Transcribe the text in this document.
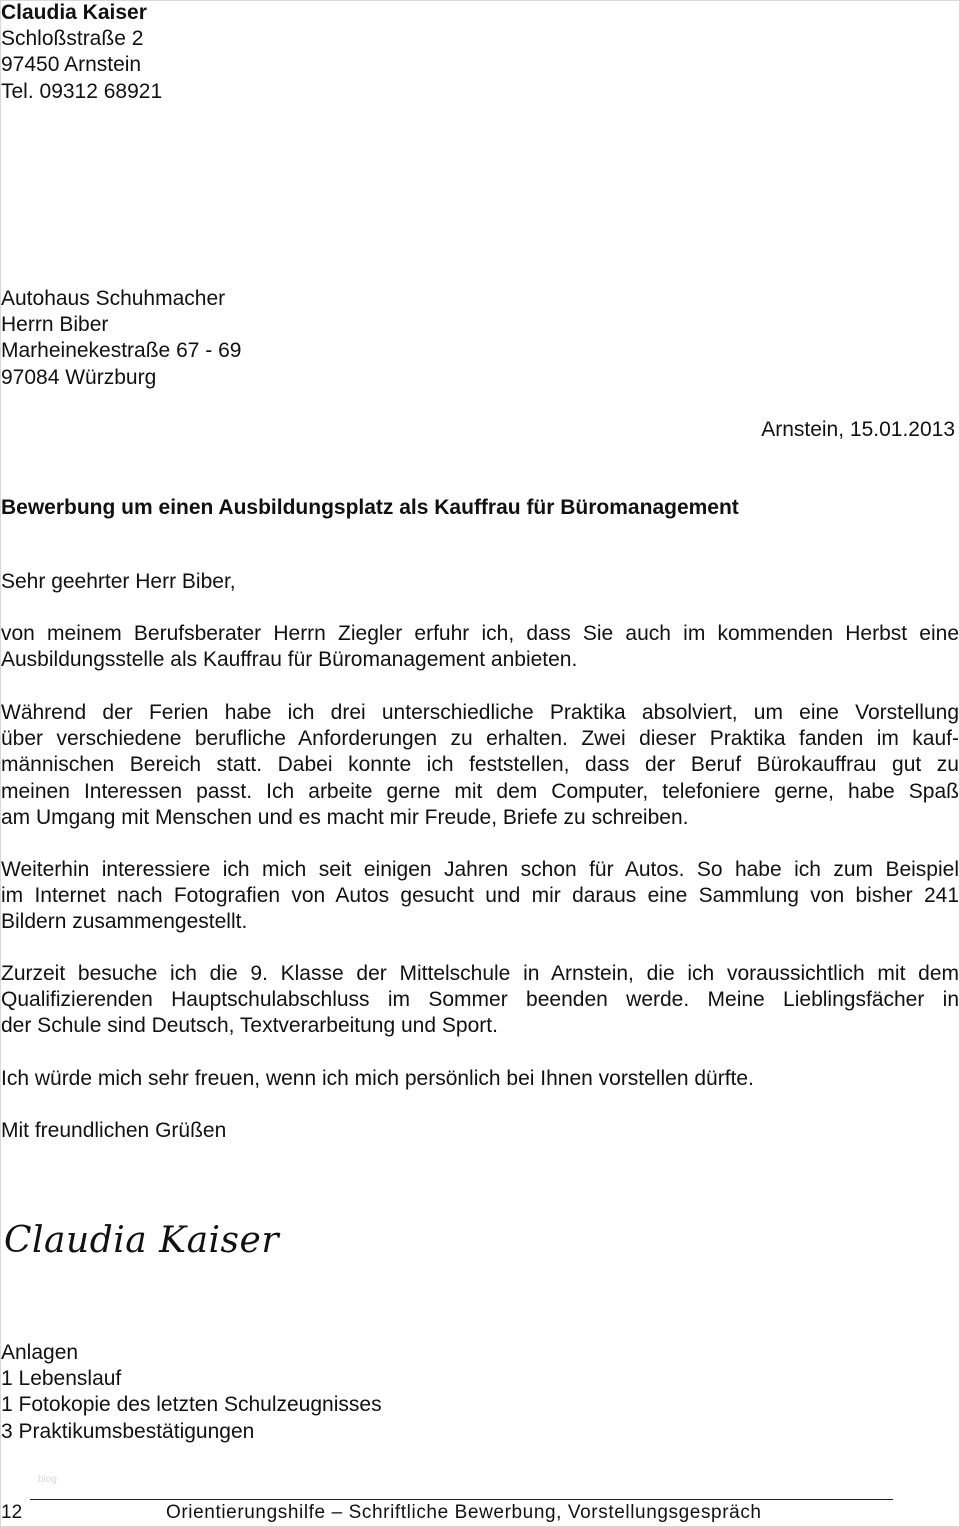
Claudia Kaiser
Schloßstraße 2
97450 Arnstein
Tel. 09312 68921
Autohaus Schuhmacher
Herrn Biber
Marheinekestraße 67 - 69
97084 Würzburg
Arnstein, 15.01.2013
Bewerbung um einen Ausbildungsplatz als Kauffrau für Büromanagement
Sehr geehrter Herr Biber,
von meinem Berufsberater Herrn Ziegler erfuhr ich, dass Sie auch im kommenden Herbst eine
Ausbildungsstelle als Kauffrau für Büromanagement anbieten.
Während der Ferien habe ich drei unterschiedliche Praktika absolviert, um eine Vorstellung
über verschiedene berufliche Anforderungen zu erhalten. Zwei dieser Praktika fanden im kauf-
männischen Bereich statt. Dabei konnte ich feststellen, dass der Beruf Bürokauffrau gut zu
meinen Interessen passt. Ich arbeite gerne mit dem Computer, telefoniere gerne, habe Spaß
am Umgang mit Menschen und es macht mir Freude, Briefe zu schreiben.
Weiterhin interessiere ich mich seit einigen Jahren schon für Autos. So habe ich zum Beispiel
im Internet nach Fotografien von Autos gesucht und mir daraus eine Sammlung von bisher 241
Bildern zusammengestellt.
Zurzeit besuche ich die 9. Klasse der Mittelschule in Arnstein, die ich voraussichtlich mit dem
Qualifizierenden Hauptschulabschluss im Sommer beenden werde. Meine Lieblingsfächer in
der Schule sind Deutsch, Textverarbeitung und Sport.
Ich würde mich sehr freuen, wenn ich mich persönlich bei Ihnen vorstellen dürfte.
Mit freundlichen Grüßen
Claudia Kaiser
Anlagen
1 Lebenslauf
1 Fotokopie des letzten Schulzeugnisses
3 Praktikumsbestätigungen
blog
12	Orientierungshilfe – Schriftliche Bewerbung, Vorstellungsgespräch
